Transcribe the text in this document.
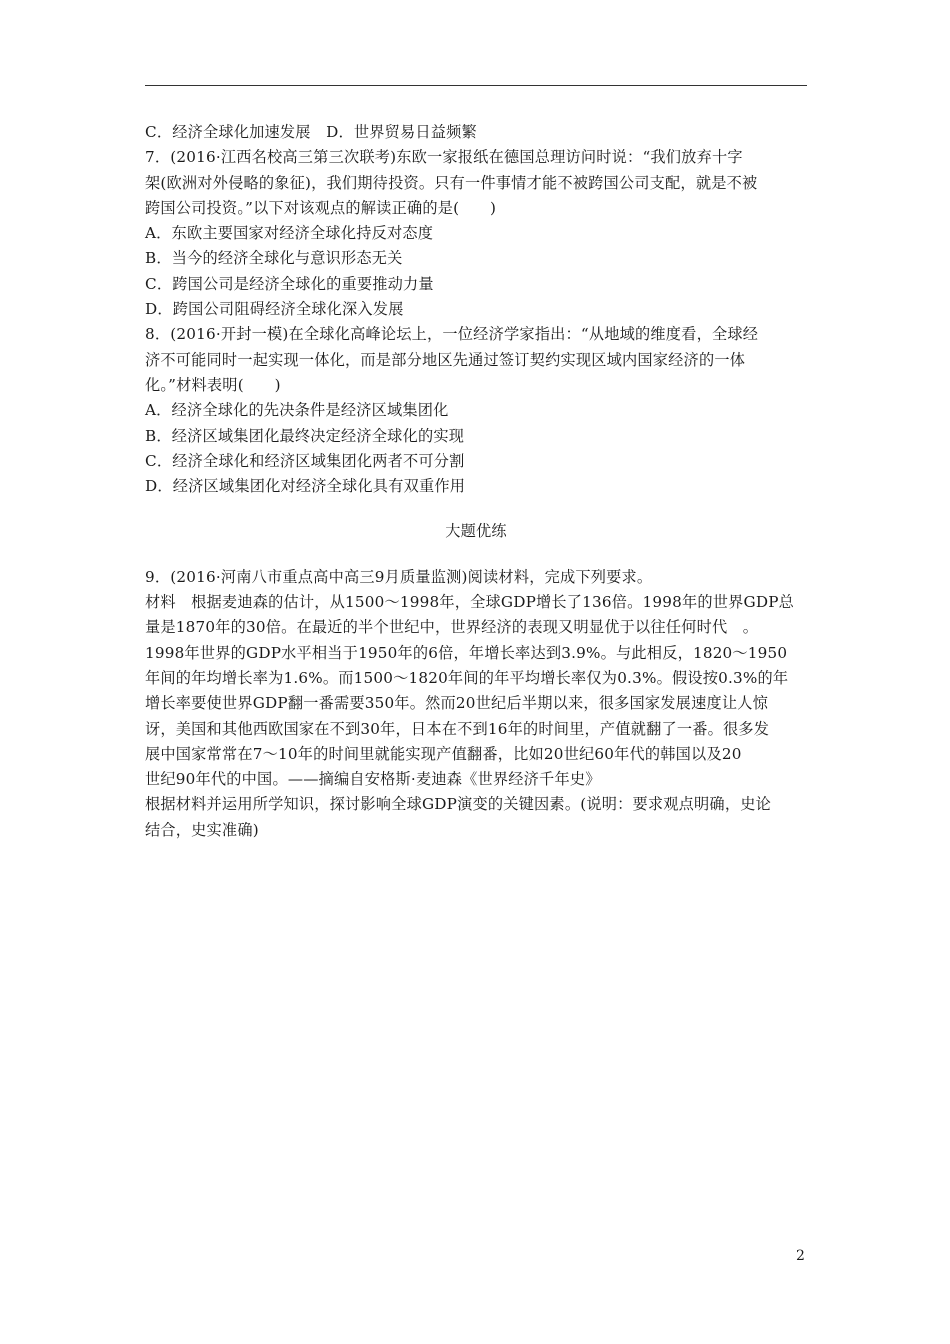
C．经济全球化加速发展　D．世界贸易日益频繁
7．(2016·江西名校高三第三次联考)东欧一家报纸在德国总理访问时说：“我们放弃十字
架(欧洲对外侵略的象征)，我们期待投资。只有一件事情才能不被跨国公司支配，就是不被
跨国公司投资。”以下对该观点的解读正确的是(　　)
A．东欧主要国家对经济全球化持反对态度
B．当今的经济全球化与意识形态无关
C．跨国公司是经济全球化的重要推动力量
D．跨国公司阻碍经济全球化深入发展
8．(2016·开封一模)在全球化高峰论坛上，一位经济学家指出：“从地域的维度看，全球经
济不可能同时一起实现一体化，而是部分地区先通过签订契约实现区域内国家经济的一体
化。”材料表明(　　)
A．经济全球化的先决条件是经济区域集团化
B．经济区域集团化最终决定经济全球化的实现
C．经济全球化和经济区域集团化两者不可分割
D．经济区域集团化对经济全球化具有双重作用
大题优练
9．(2016·河南八市重点高中高三9月质量监测)阅读材料，完成下列要求。
材料　根据麦迪森的估计，从1500～1998年，全球GDP增长了136倍。1998年的世界GDP总
量是1870年的30倍。在最近的半个世纪中，世界经济的表现又明显优于以往任何时代　。
1998年世界的GDP水平相当于1950年的6倍，年增长率达到3.9%。与此相反，1820～1950
年间的年均增长率为1.6%。而1500～1820年间的年平均增长率仅为0.3%。假设按0.3%的年
增长率要使世界GDP翻一番需要350年。然而20世纪后半期以来，很多国家发展速度让人惊
讶，美国和其他西欧国家在不到30年，日本在不到16年的时间里，产值就翻了一番。很多发
展中国家常常在7～10年的时间里就能实现产值翻番，比如20世纪60年代的韩国以及20
世纪90年代的中国。——摘编自安格斯·麦迪森《世界经济千年史》
根据材料并运用所学知识，探讨影响全球GDP演变的关键因素。(说明：要求观点明确，史论
结合，史实准确)
2
